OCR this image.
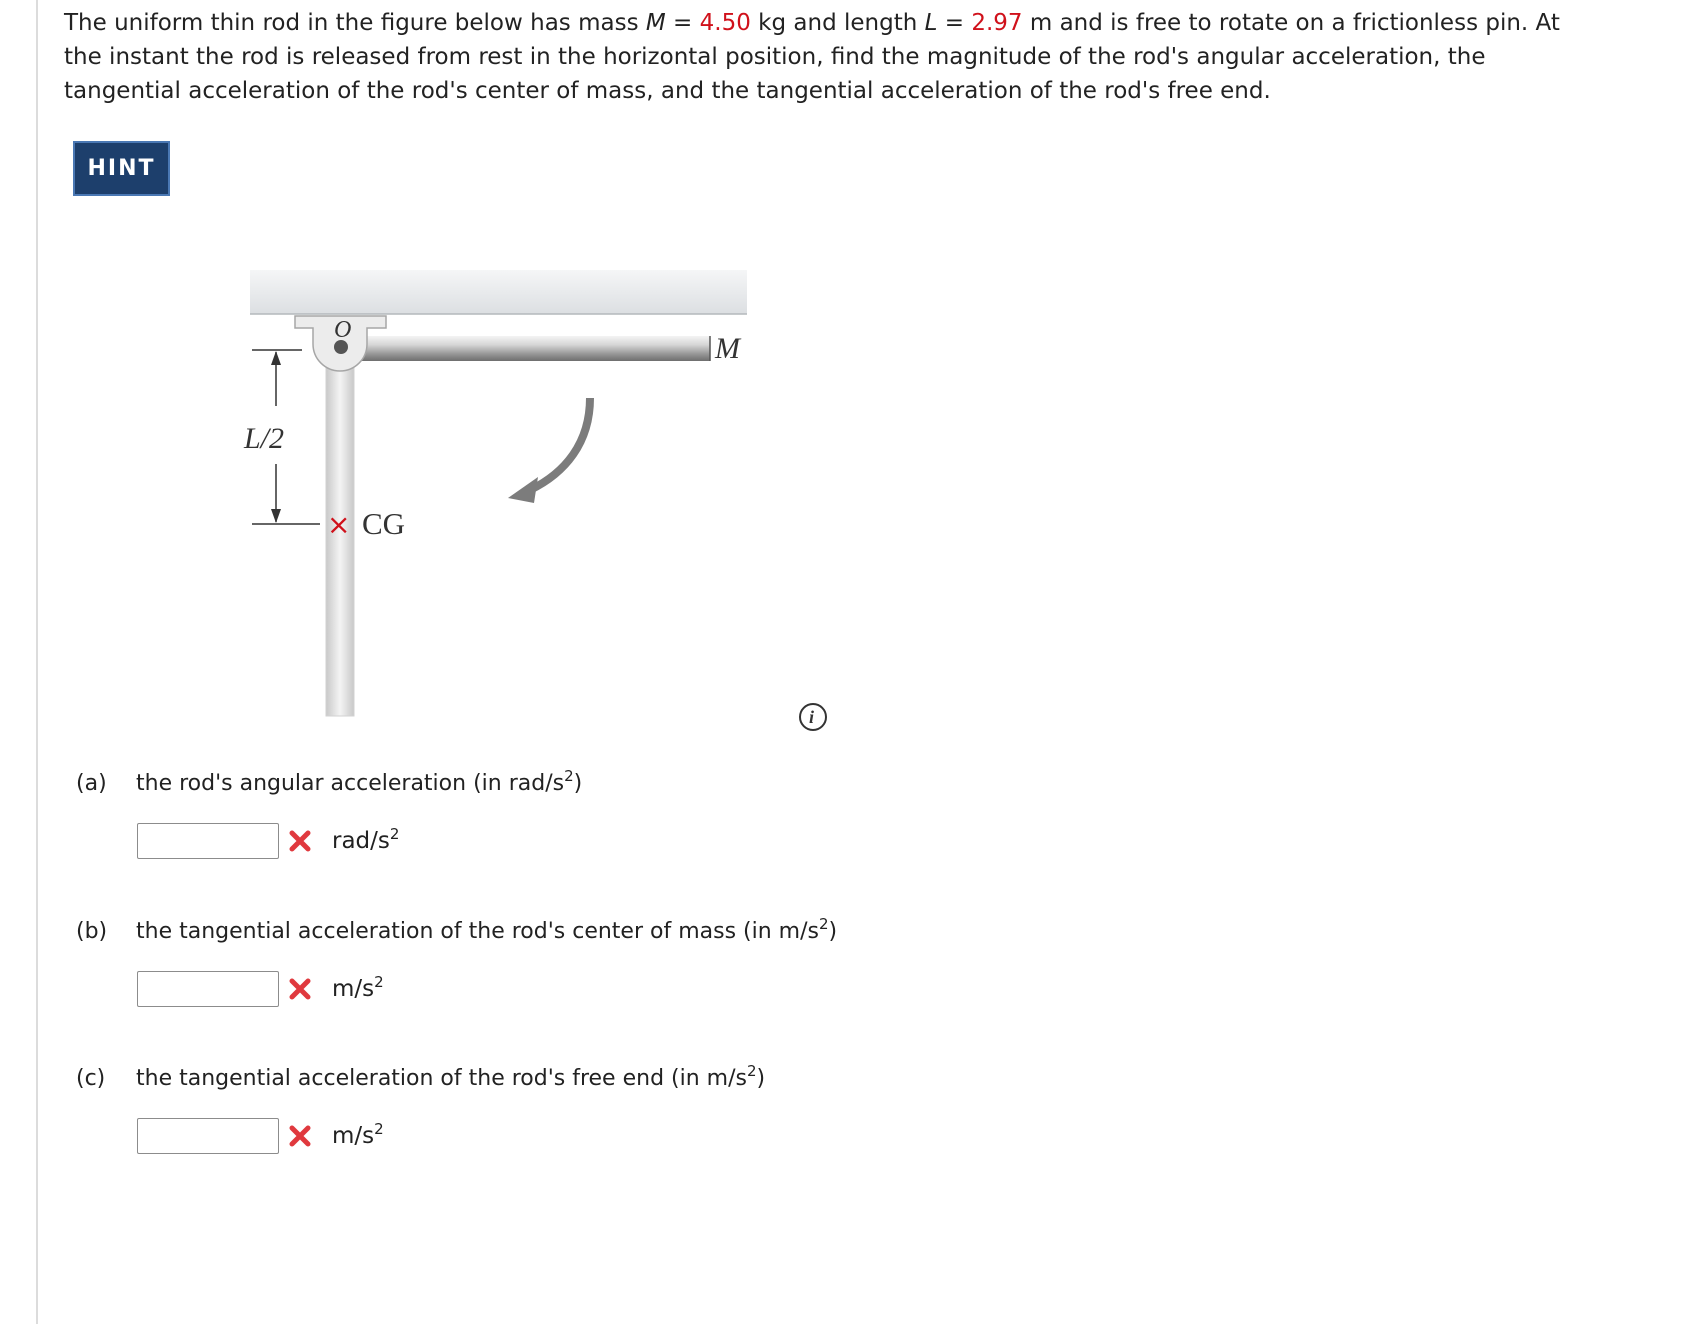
The uniform thin rod in the figure below has mass M = 4.50 kg and length L = 2.97 m and is free to rotate on a frictionless pin. At the instant the rod is released from rest in the horizontal position, find the magnitude of the rod's angular acceleration, the tangential acceleration of the rod's center of mass, and the tangential acceleration of the rod's free end.

HINT
O
M
L/2
× CG
i
(a)	the rod's angular acceleration (in rad/$s^2$)
rad/$s^2$
(b)	the tangential acceleration of the rod's center of mass (in $m/s^2$)
$m/s^2$
(c)	the tangential acceleration of the rod's free end (in $m/s^2$)
$m/s^2$
